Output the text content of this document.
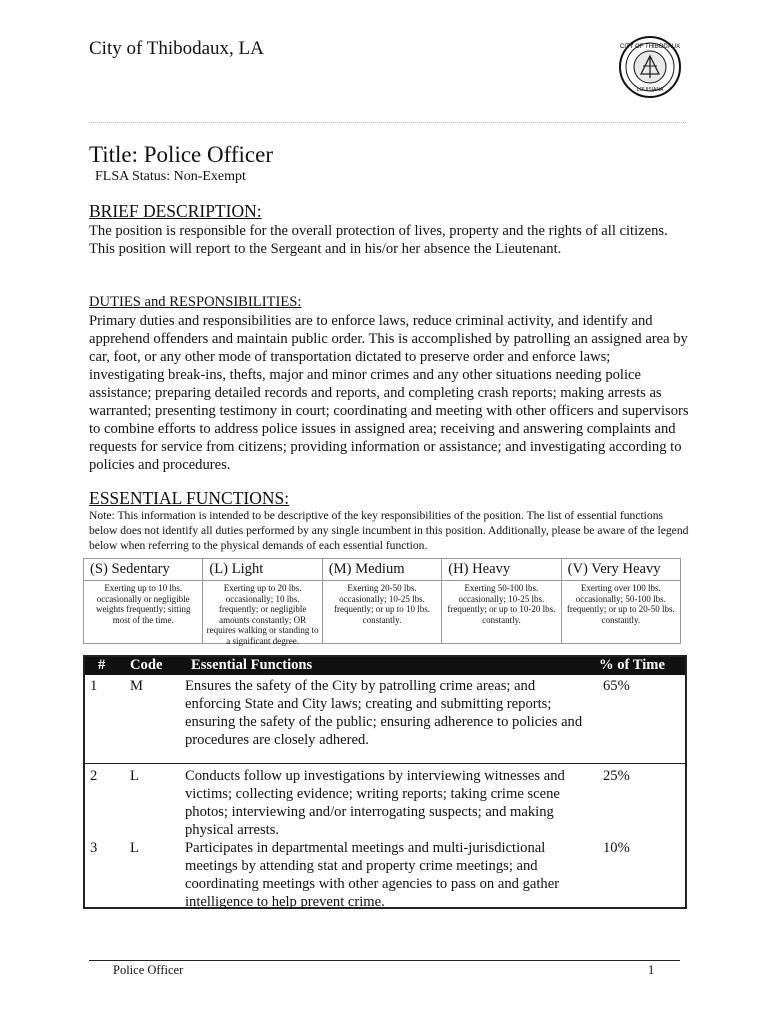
City of Thibodaux, LA	CITY OF THIBODAUX
LOUISIANA
Title: Police Officer
FLSA Status: Non-Exempt
BRIEF DESCRIPTION:
The position is responsible for the overall protection of lives, property and the rights of all citizens. This position will report to the Sergeant and in his/or her absence the Lieutenant.
DUTIES and RESPONSIBILITIES:
Primary duties and responsibilities are to enforce laws, reduce criminal activity, and identify and apprehend offenders and maintain public order. This is accomplished by patrolling an assigned area by car, foot, or any other mode of transportation dictated to preserve order and enforce laws; investigating break-ins, thefts, major and minor crimes and any other situations needing police assistance; preparing detailed records and reports, and completing crash reports; making arrests as warranted; presenting testimony in court; coordinating and meeting with other officers and supervisors to combine efforts to address police issues in assigned area; receiving and answering complaints and requests for service from citizens; providing information or assistance; and investigating according to policies and procedures.
ESSENTIAL FUNCTIONS:
Note: This information is intended to be descriptive of the key responsibilities of the position. The list of essential functions below does not identify all duties performed by any single incumbent in this position. Additionally, please be aware of the legend below when referring to the physical demands of each essential function.
(S) Sedentary
Exerting up to 10 lbs. occasionally or negligible weights frequently; sitting most of the time.
(L) Light
Exerting up to 20 lbs. occasionally; 10 lbs. frequently; or negligible amounts constantly; OR requires walking or standing to a significant degree.
(M) Medium
Exerting 20-50 lbs. occasionally; 10-25 lbs. frequently; or up to 10 lbs. constantly.
(H) Heavy
Exerting 50-100 lbs. occasionally; 10-25 lbs. frequently; or up to 10-20 lbs. constantly.
(V) Very Heavy
Exerting over 100 lbs. occasionally; 50-100 lbs. frequently; or up to 20-50 lbs. constantly.
# Code Essential Functions	% of Time
1 M	Ensures the safety of the City by patrolling crime areas; and enforcing State and City laws; creating and submitting reports; ensuring the safety of the public; ensuring adherence to policies and procedures are closely adhered.
65%
2 L	Conducts follow up investigations by interviewing witnesses and victims; collecting evidence; writing reports; taking crime scene photos; interviewing and/or interrogating suspects; and making physical arrests.
25%
3 L	Participates in departmental meetings and multi-jurisdictional meetings by attending stat and property crime meetings; and coordinating meetings with other agencies to pass on and gather intelligence to help prevent crime.
10%
Police Officer	1
